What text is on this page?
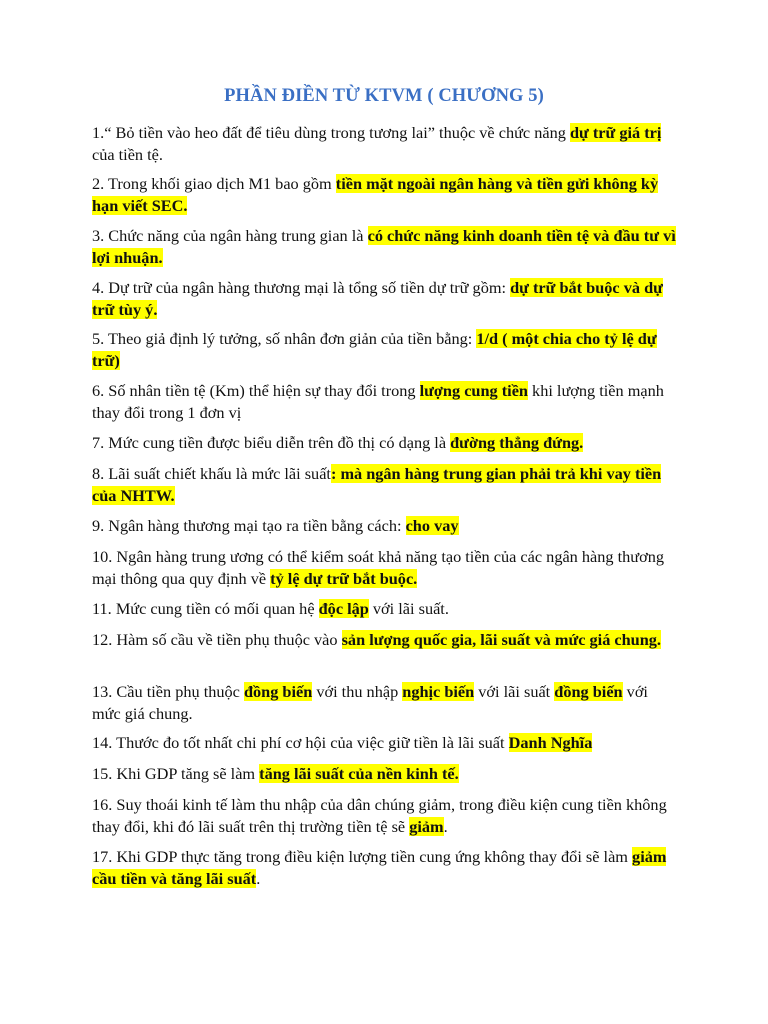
PHẦN ĐIỀN TỪ KTVM ( CHƯƠNG 5)

1.“ Bỏ tiền vào heo đất để tiêu dùng trong tương lai” thuộc về chức năng dự trữ giá trị của tiền tệ.

2. Trong khối giao dịch M1 bao gồm tiền mặt ngoài ngân hàng và tiền gửi không kỳ hạn viết SEC.

3. Chức năng của ngân hàng trung gian là có chức năng kinh doanh tiền tệ và đầu tư vì lợi nhuận.

4. Dự trữ của ngân hàng thương mại là tổng số tiền dự trữ gồm: dự trữ bắt buộc và dự trữ tùy ý.

5. Theo giả định lý tưởng, số nhân đơn giản của tiền bằng: 1/d ( một chia cho tỷ lệ dự trữ)

6. Số nhân tiền tệ (Km) thể hiện sự thay đổi trong lượng cung tiền khi lượng tiền mạnh thay đổi trong 1 đơn vị

7. Mức cung tiền được biểu diễn trên đồ thị có dạng là đường thẳng đứng.

8. Lãi suất chiết khấu là mức lãi suất: mà ngân hàng trung gian phải trả khi vay tiền của NHTW.

9. Ngân hàng thương mại tạo ra tiền bằng cách: cho vay

10. Ngân hàng trung ương có thể kiểm soát khả năng tạo tiền của các ngân hàng thương mại thông qua quy định về tỷ lệ dự trữ bắt buộc.

11. Mức cung tiền có mối quan hệ độc lập với lãi suất.

12. Hàm số cầu về tiền phụ thuộc vào sản lượng quốc gia, lãi suất và mức giá chung.

13. Cầu tiền phụ thuộc đồng biến với thu nhập nghịc biến với lãi suất đồng biến với mức giá chung.

14. Thước đo tốt nhất chi phí cơ hội của việc giữ tiền là lãi suất Danh Nghĩa

15. Khi GDP tăng sẽ làm tăng lãi suất của nền kinh tế.

16. Suy thoái kinh tế làm thu nhập của dân chúng giảm, trong điều kiện cung tiền không thay đổi, khi đó lãi suất trên thị trường tiền tệ sẽ giảm.

17. Khi GDP thực tăng trong điều kiện lượng tiền cung ứng không thay đổi sẽ làm giảm cầu tiền và tăng lãi suất.
